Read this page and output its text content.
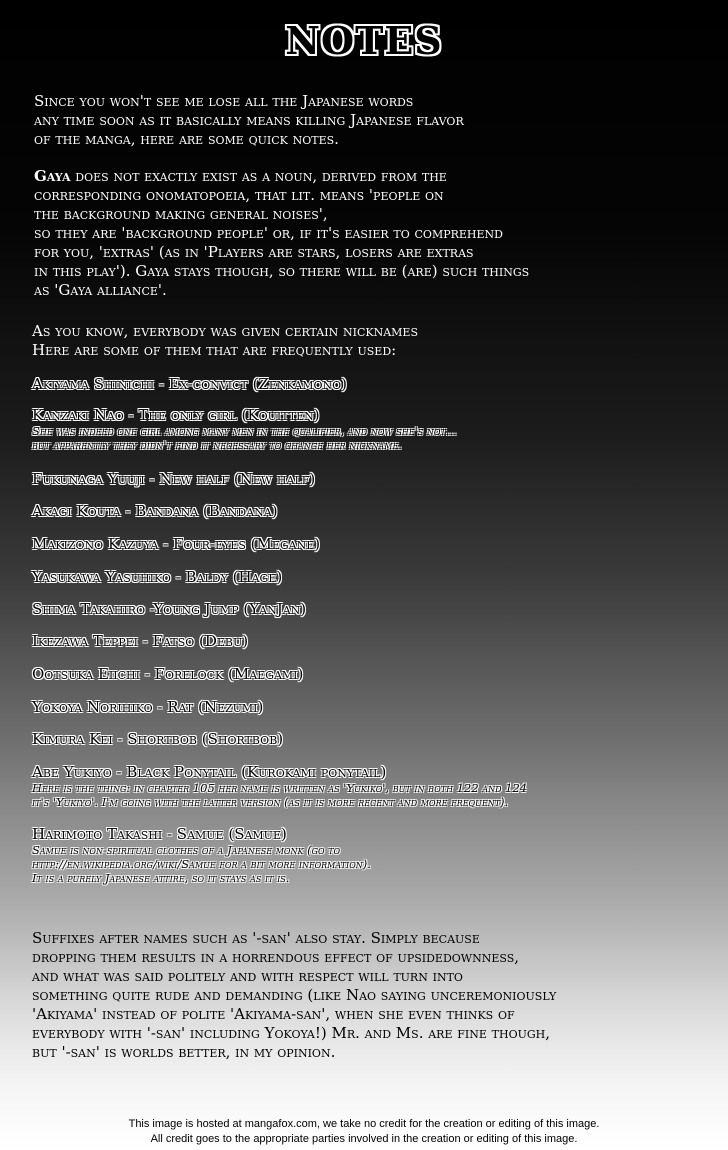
NOTES
Since you won't see me lose all the Japanese words
any time soon as it basically means killing Japanese flavor
of the manga, here are some quick notes.
Gaya does not exactly exist as a noun, derived from the
corresponding onomatopoeia, that lit. means 'people on
the background making general noises',
so they are 'background people' or, if it's easier to comprehend
for you, 'extras' (as in 'Players are stars, losers are extras
in this play'). Gaya stays though, so there will be (are) such things
as 'Gaya alliance'.
As you know, everybody was given certain nicknames
Here are some of them that are frequently used:
Akiyama Shinichi - Ex-convict (Zenkamono)
Kanzaki Nao - The only girl (Kouitten)
She was indeed one girl among many men in the qualifier, and now she's not...
but apparently they didn't find it necessary to change her nickname.
Fukunaga Yuuji - New half (New half)
Akagi Kouta - Bandana (Bandana)
Makizono Kazuya - Four-eyes (Megane)
Yasukawa Yasuhiko - Baldy (Hage)
Shima Takahiro -Young Jump (YanJan)
Ikezawa Teppei - Fatso (Debu)
Ootsuka Eiichi - Forelock (Maegami)
Yokoya Norihiko - Rat (Nezumi)
Kimura Kei - Shortbob (Shortbob)
Abe Yukiyo - Black Ponytail (Kurokami ponytail)
Here is the thing: in chapter 105 her name is written as 'Yukiko', but in both 122 and 124
it's 'Yukiyo'. I'm going with the latter version (as it is more recent and more frequent).
Harimoto Takashi - Samue (Samue)
Samue is non-spiritual clothes of a Japanese monk (go to
http://en.wikipedia.org/wiki/Samue for a bit more information).
It is a purely Japanese attire, so it stays as it is.
Suffixes after names such as '-san' also stay. Simply because
dropping them results in a horrendous effect of upsidedownness,
and what was said politely and with respect will turn into
something quite rude and demanding (like Nao saying unceremoniously
'Akiyama' instead of polite 'Akiyama-san', when she even thinks of
everybody with '-san' including Yokoya!) Mr. and Ms. are fine though,
but '-san' is worlds better, in my opinion.
This image is hosted at mangafox.com, we take no credit for the creation or editing of this image.
All credit goes to the appropriate parties involved in the creation or editing of this image.
